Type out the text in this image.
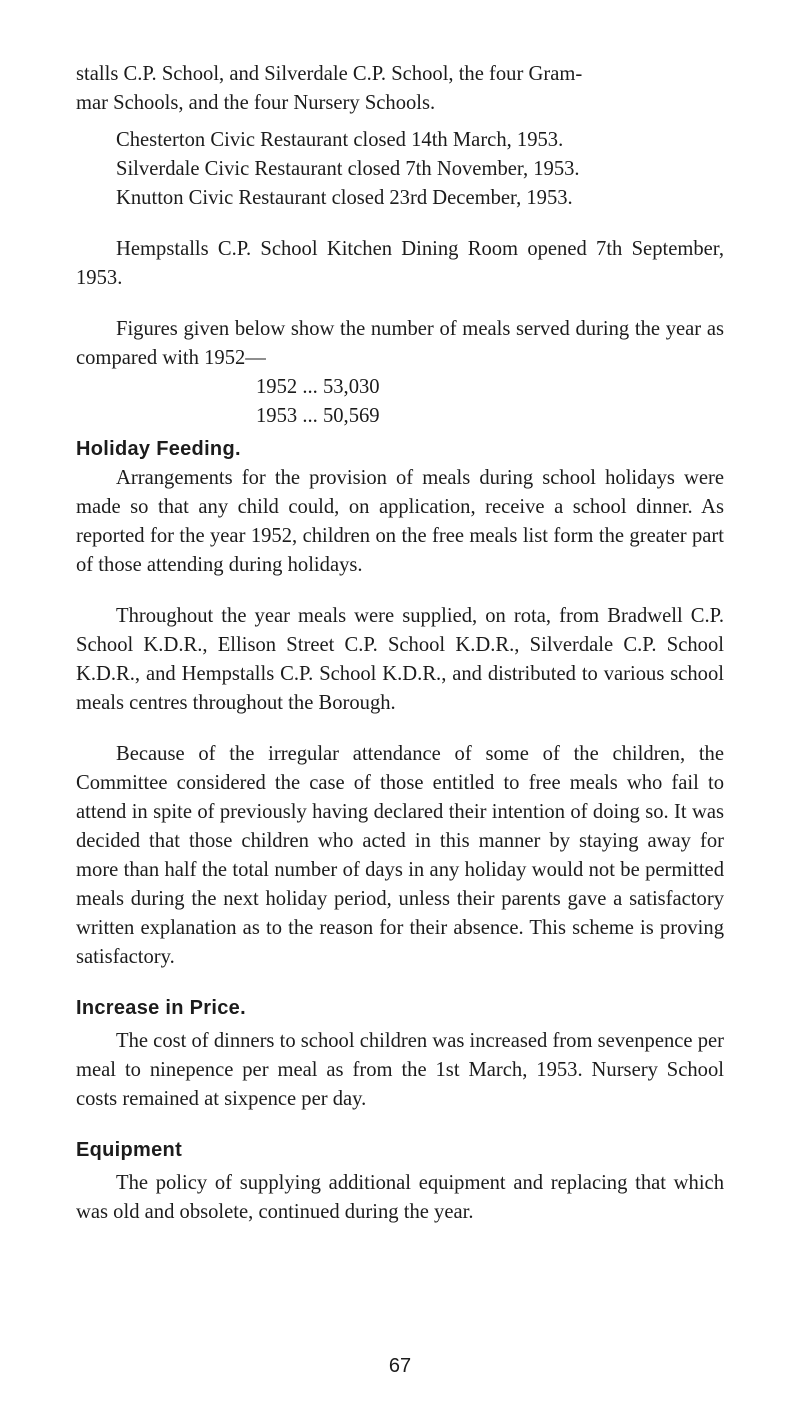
stalls C.P. School, and Silverdale C.P. School, the four Gram-
mar Schools, and the four Nursery Schools.

Chesterton Civic Restaurant closed 14th March, 1953.

Silverdale Civic Restaurant closed 7th November, 1953.

Knutton Civic Restaurant closed 23rd December, 1953.

Hempstalls C.P. School Kitchen Dining Room opened 7th September, 1953.

Figures given below show the number of meals served during the year as compared with 1952—

1952 ... 53,030
1953 ... 50,569
Holiday Feeding.

Arrangements for the provision of meals during school holidays were made so that any child could, on application, receive a school dinner. As reported for the year 1952, children on the free meals list form the greater part of those attending during holidays.

Throughout the year meals were supplied, on rota, from Bradwell C.P. School K.D.R., Ellison Street C.P. School K.D.R., Silverdale C.P. School K.D.R., and Hempstalls C.P. School K.D.R., and distributed to various school meals centres throughout the Borough.

Because of the irregular attendance of some of the children, the Committee considered the case of those entitled to free meals who fail to attend in spite of previously having declared their intention of doing so. It was decided that those children who acted in this manner by staying away for more than half the total number of days in any holiday would not be permitted meals during the next holiday period, unless their parents gave a satisfactory written explanation as to the reason for their absence. This scheme is proving satisfactory.

Increase in Price.

The cost of dinners to school children was increased from sevenpence per meal to ninepence per meal as from the 1st March, 1953. Nursery School costs remained at sixpence per day.

Equipment

The policy of supplying additional equipment and replacing that which was old and obsolete, continued during the year.

67
